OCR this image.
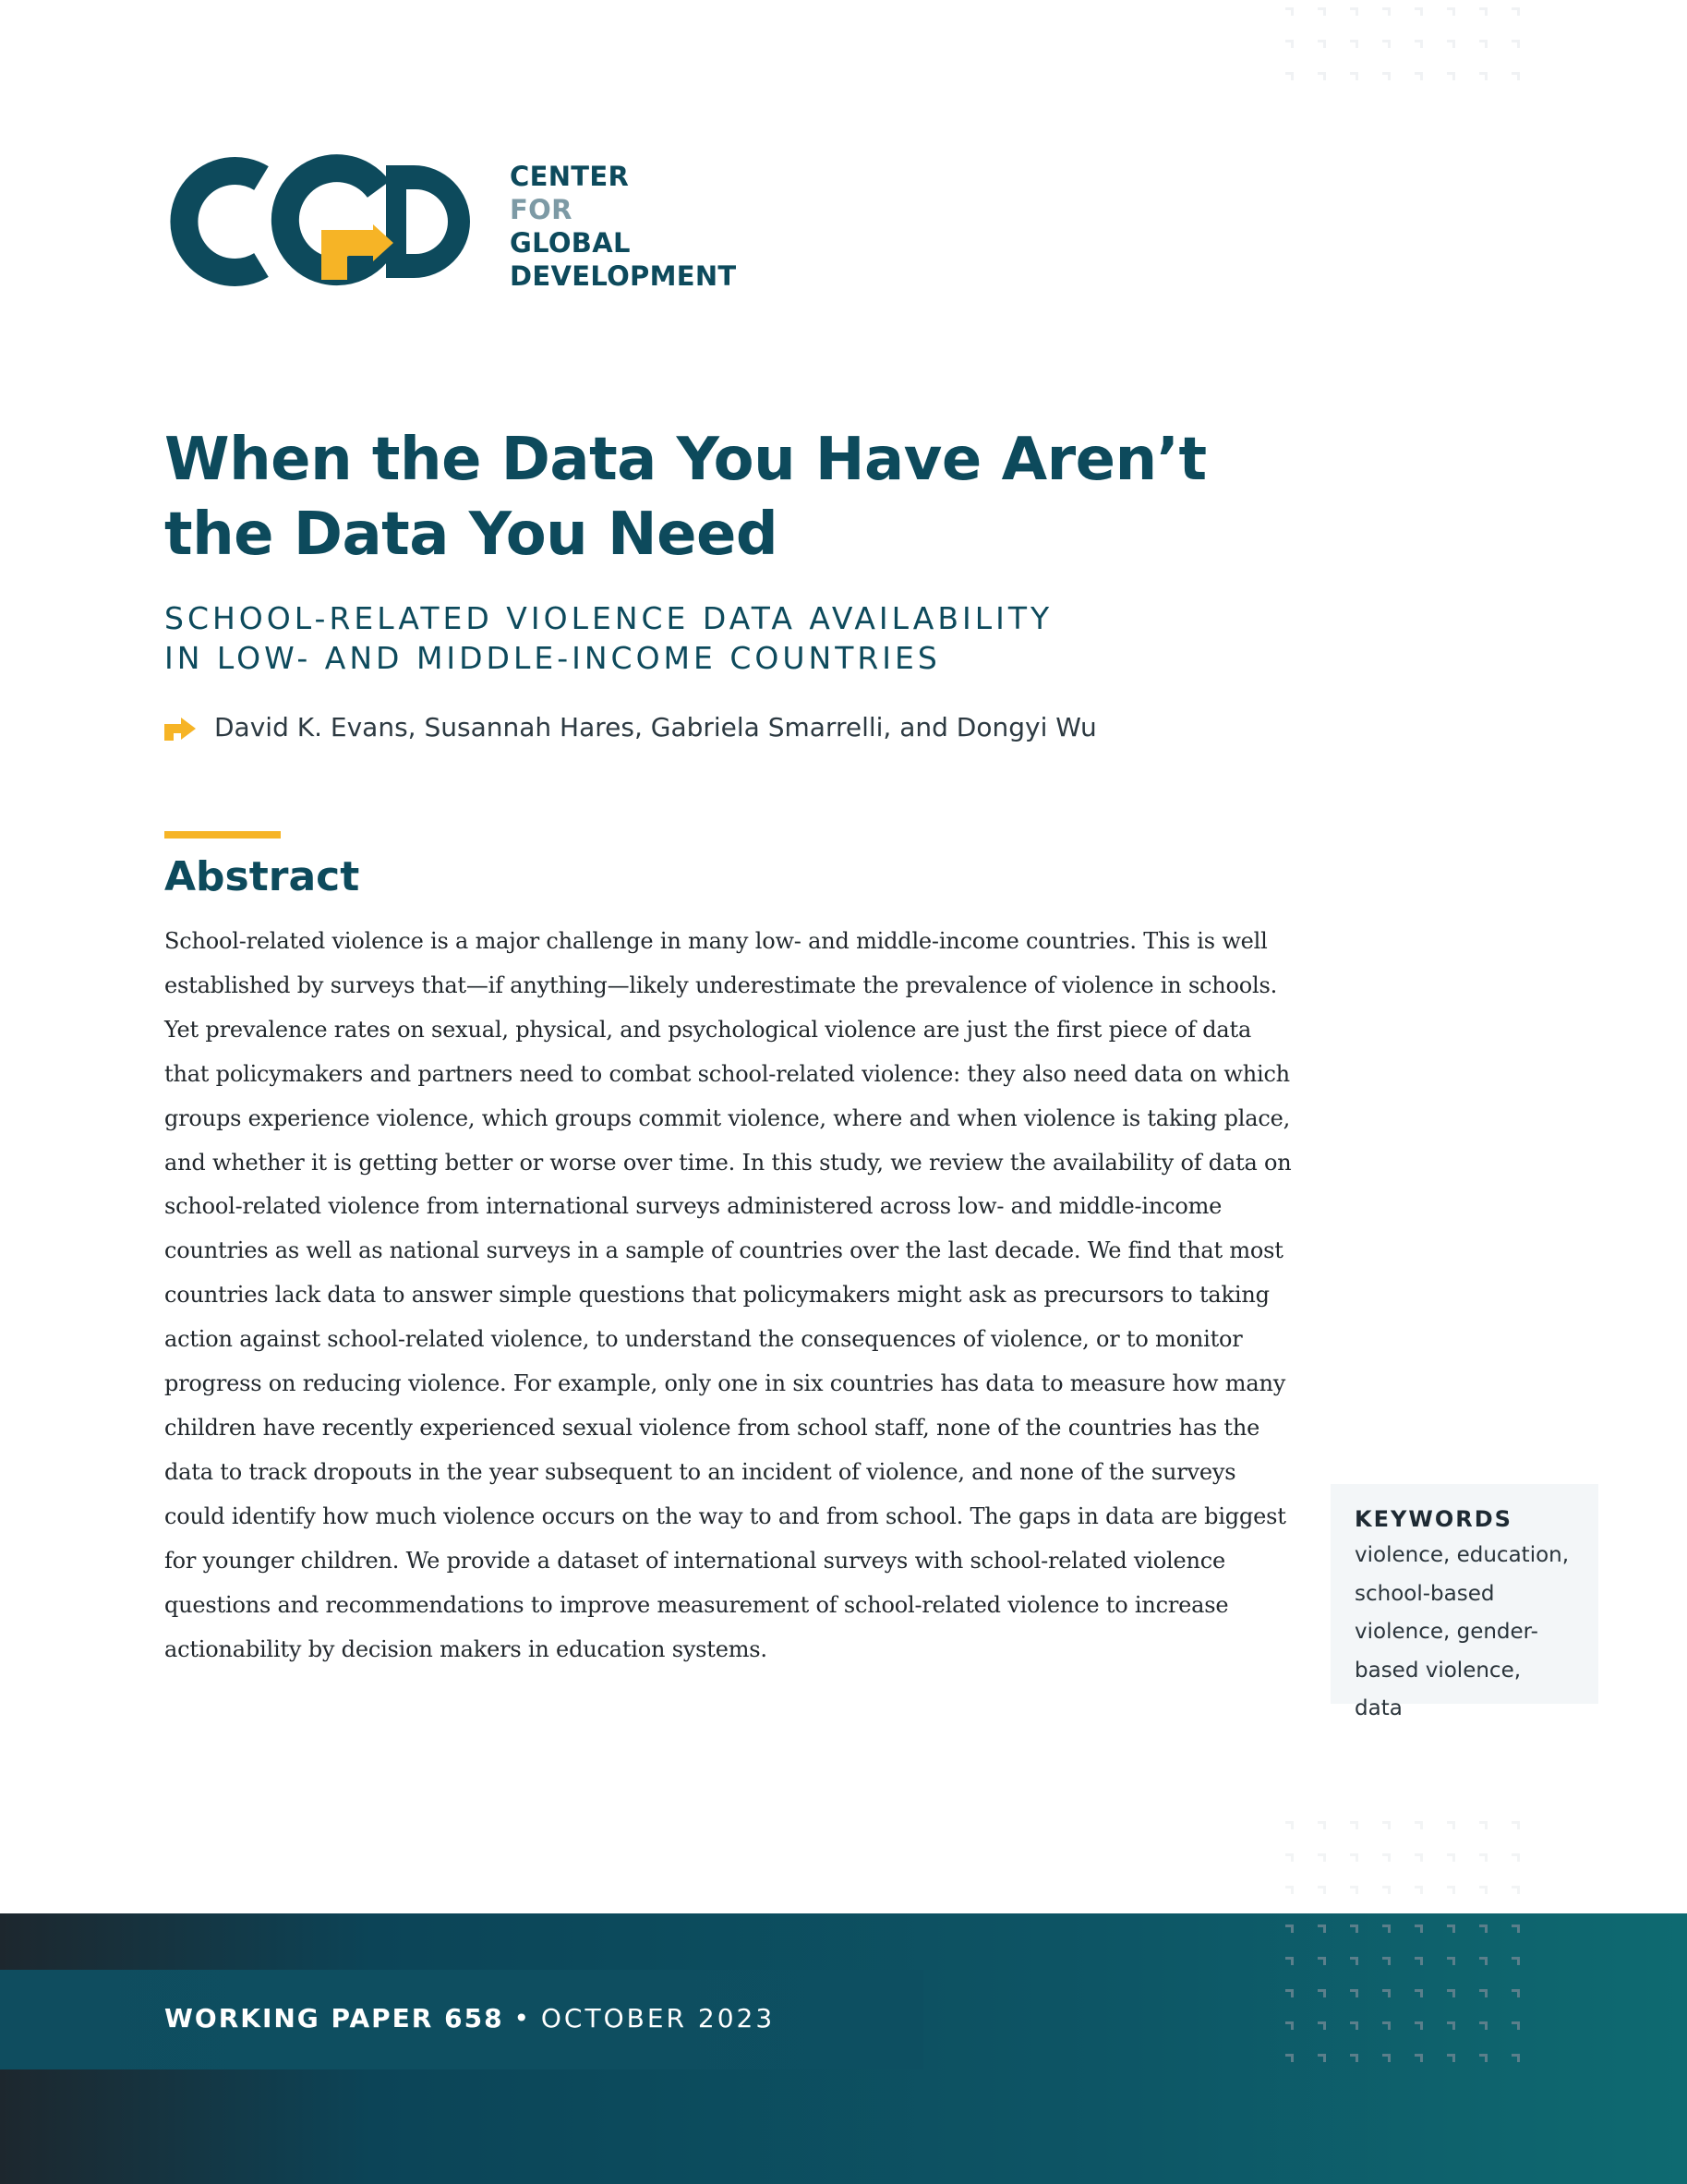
CENTER
FOR
GLOBAL
DEVELOPMENT
When the Data You Have Aren’t
the Data You Need
SCHOOL-RELATED VIOLENCE DATA AVAILABILITY
IN LOW- AND MIDDLE-INCOME COUNTRIES
David K. Evans, Susannah Hares, Gabriela Smarrelli, and Dongyi Wu
Abstract
School-related violence is a major challenge in many low- and middle-income countries. This is well
established by surveys that—if anything—likely underestimate the prevalence of violence in schools.
Yet prevalence rates on sexual, physical, and psychological violence are just the first piece of data
that policymakers and partners need to combat school-related violence: they also need data on which
groups experience violence, which groups commit violence, where and when violence is taking place,
and whether it is getting better or worse over time. In this study, we review the availability of data on
school-related violence from international surveys administered across low- and middle-income
countries as well as national surveys in a sample of countries over the last decade. We find that most
countries lack data to answer simple questions that policymakers might ask as precursors to taking
action against school-related violence, to understand the consequences of violence, or to monitor
progress on reducing violence. For example, only one in six countries has data to measure how many
children have recently experienced sexual violence from school staff, none of the countries has the
data to track dropouts in the year subsequent to an incident of violence, and none of the surveys
could identify how much violence occurs on the way to and from school. The gaps in data are biggest
for younger children. We provide a dataset of international surveys with school-related violence
questions and recommendations to improve measurement of school-related violence to increase
actionability by decision makers in education systems.
KEYWORDS
violence, education,
school-based
violence, gender-
based violence, data
WORKING PAPER 658 • OCTOBER 2023
